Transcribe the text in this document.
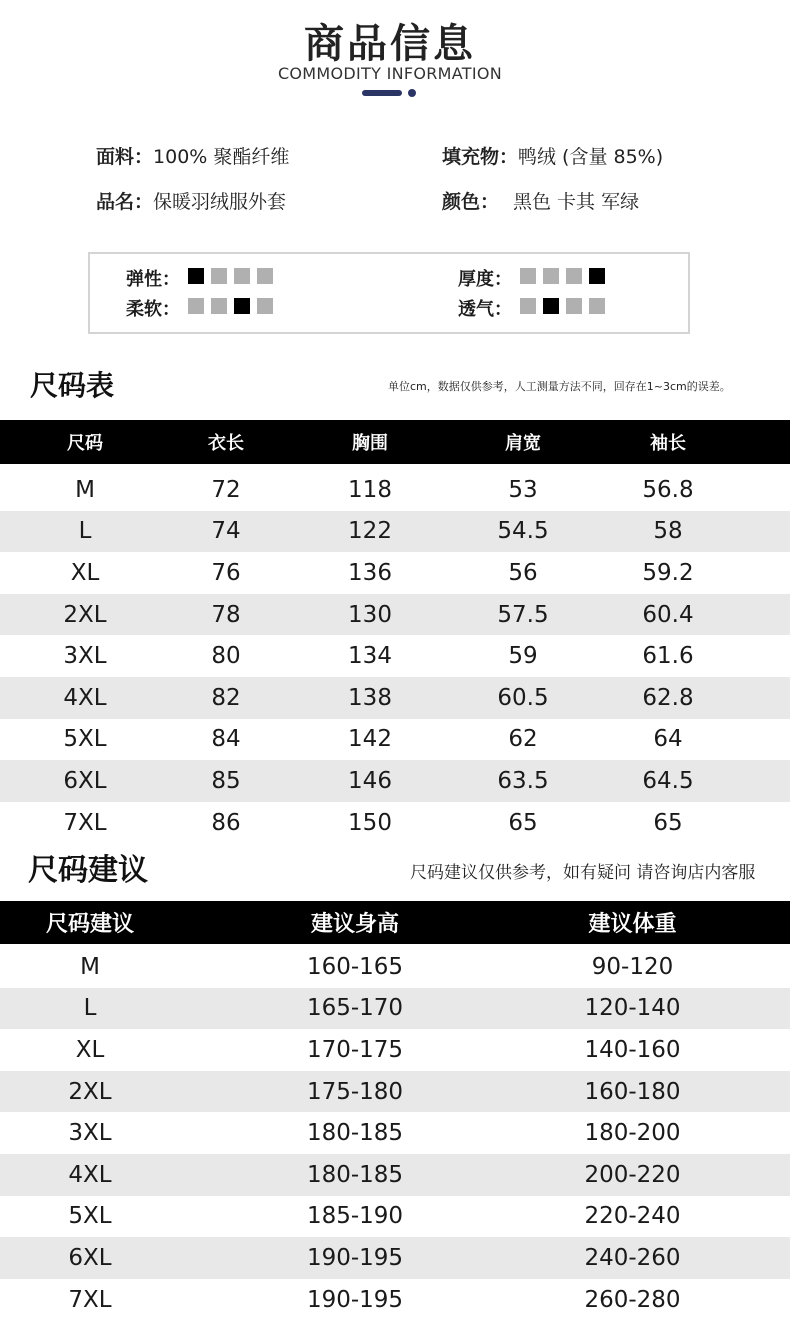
商品信息
COMMODITY INFORMATION
面料：100% 聚酯纤维	填充物：鸭绒 (含量 85%)
品名：保暖羽绒服外套	颜色： 黑色 卡其 军绿
弹性：
柔软：
厚度：
透气：
尺码表	单位cm，数据仅供参考，人工测量方法不同，回存在1~3cm的误差。
尺码	衣长	胸围	肩宽	袖长
M	72	118	53	56.8
L	74	122	54.5	58
XL	76	136	56	59.2
2XL	78	130	57.5	60.4
3XL	80	134	59	61.6
4XL	82	138	60.5	62.8
5XL	84	142	62	64
6XL	85	146	63.5	64.5
7XL	86	150	65	65
尺码建议	尺码建议仅供参考，如有疑问 请咨询店内客服
尺码建议	建议身高	建议体重
M	160-165	90-120
L	165-170	120-140
XL	170-175	140-160
2XL	175-180	160-180
3XL	180-185	180-200
4XL	180-185	200-220
5XL	185-190	220-240
6XL	190-195	240-260
7XL	190-195	260-280
